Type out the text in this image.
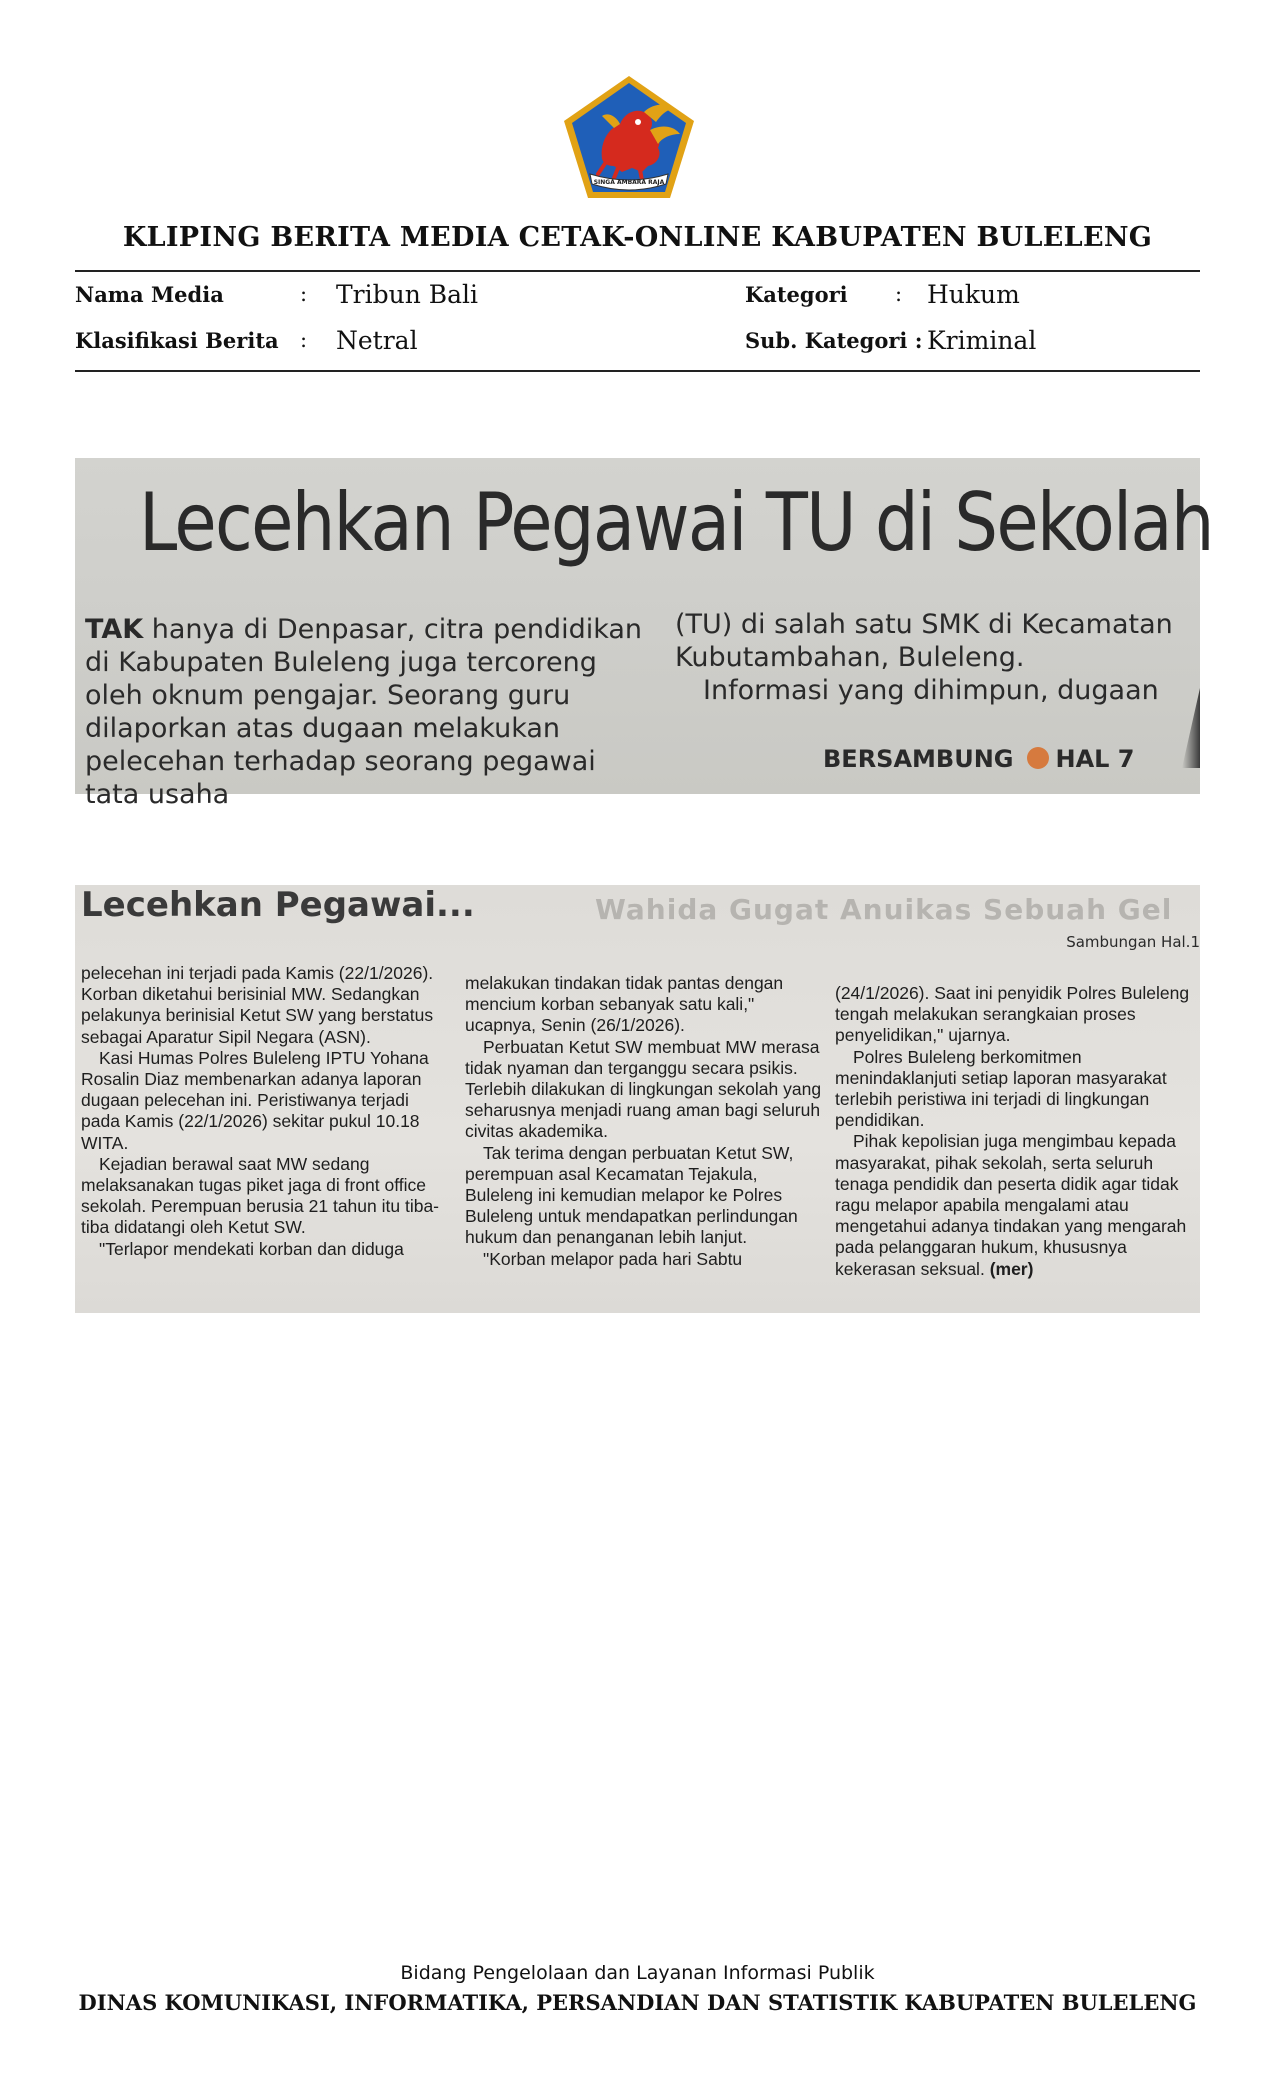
SINGA AMBARA RAJA
KLIPING BERITA MEDIA CETAK-ONLINE KABUPATEN BULELENG
Nama Media	: Tribun Bali	Kategori : Hukum
Klasifikasi Berita : Netral	Sub. Kategori : Kriminal
Lecehkan Pegawai TU di Sekolah
TAK hanya di Denpasar, citra pendidikan di Kabupaten Buleleng juga tercoreng oleh oknum pengajar. Seorang guru dilaporkan atas dugaan melakukan pelecehan terhadap seorang pegawai tata usaha
(TU) di salah satu SMK di Kecamatan Kubutambahan, Buleleng.
Informasi yang dihimpun, dugaan
BERSAMBUNG HAL 7
Wahida Gugat Anuikas Sebuah Gel
Lecehkan Pegawai...
Sambungan Hal.1

pelecehan ini terjadi pada Kamis (22/1/2026). Korban diketahui berisinial MW. Sedangkan pelakunya berinisial Ketut SW yang berstatus sebagai Aparatur Sipil Negara (ASN).

Kasi Humas Polres Buleleng IPTU Yohana Rosalin Diaz membenarkan adanya laporan dugaan pelecehan ini. Peristiwanya terjadi pada Kamis (22/1/2026) sekitar pukul 10.18 WITA.

Kejadian berawal saat MW sedang melaksanakan tugas piket jaga di front office sekolah. Perempuan berusia 21 tahun itu tiba-tiba didatangi oleh Ketut SW.

"Terlapor mendekati korban dan diduga

melakukan tindakan tidak pantas dengan mencium korban sebanyak satu kali," ucapnya, Senin (26/1/2026).

Perbuatan Ketut SW membuat MW merasa tidak nyaman dan terganggu secara psikis. Terlebih dilakukan di lingkungan sekolah yang seharusnya menjadi ruang aman bagi seluruh civitas akademika.

Tak terima dengan perbuatan Ketut SW, perempuan asal Kecamatan Tejakula, Buleleng ini kemudian melapor ke Polres Buleleng untuk mendapatkan perlindungan hukum dan penanganan lebih lanjut.

"Korban melapor pada hari Sabtu

(24/1/2026). Saat ini penyidik Polres Buleleng tengah melakukan serangkaian proses penyelidikan," ujarnya.

Polres Buleleng berkomitmen menindaklanjuti setiap laporan masyarakat terlebih peristiwa ini terjadi di lingkungan pendidikan.

Pihak kepolisian juga mengimbau kepada masyarakat, pihak sekolah, serta seluruh tenaga pendidik dan peserta didik agar tidak ragu melapor apabila mengalami atau mengetahui adanya tindakan yang mengarah pada pelanggaran hukum, khususnya kekerasan seksual. (mer)

Bidang Pengelolaan dan Layanan Informasi Publik
DINAS KOMUNIKASI, INFORMATIKA, PERSANDIAN DAN STATISTIK KABUPATEN BULELENG
